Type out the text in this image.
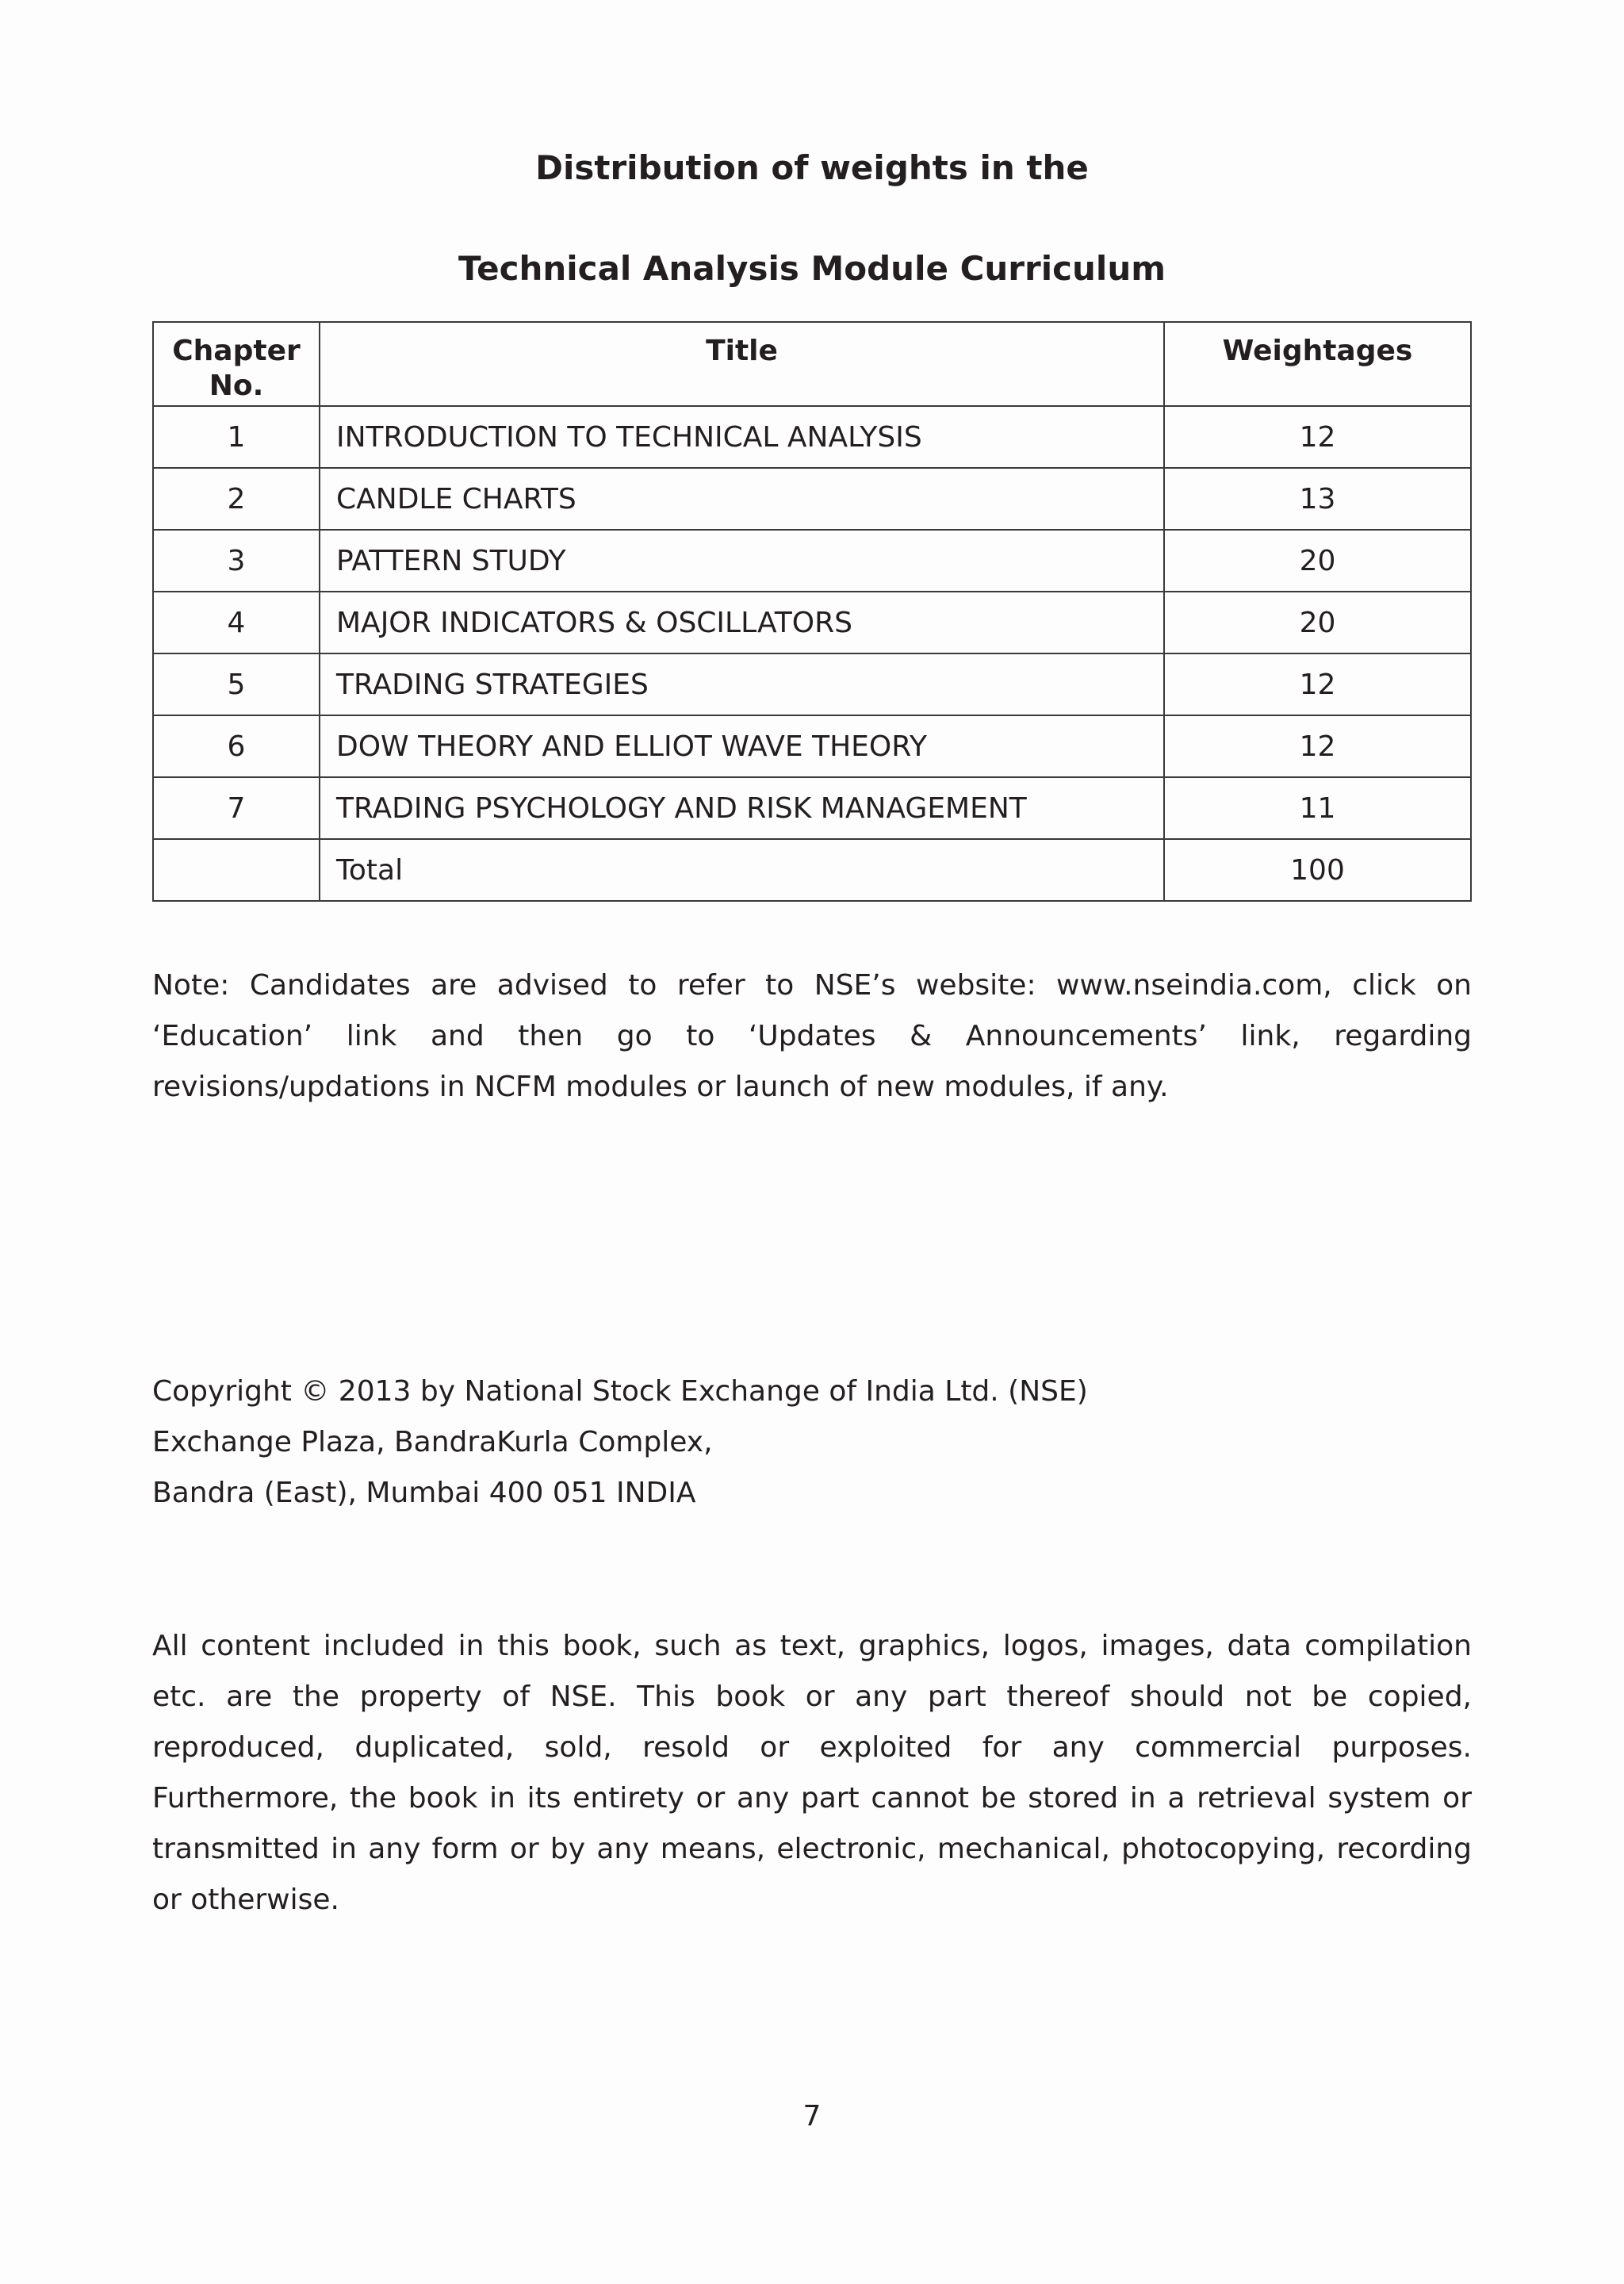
Distribution of weights in the
Technical Analysis Module Curriculum
Chapter No.	Title	Weightages
1	INTRODUCTION TO TECHNICAL ANALYSIS	12
2	CANDLE CHARTS	13
3	PATTERN STUDY	20
4	MAJOR INDICATORS & OSCILLATORS	20
5	TRADING STRATEGIES	12
6	DOW THEORY AND ELLIOT WAVE THEORY	12
7	TRADING PSYCHOLOGY AND RISK MANAGEMENT	11
	Total	100

Note: Candidates are advised to refer to NSE’s website: www.nseindia.com, click on ‘Education’ link and then go to ‘Updates & Announcements’ link, regarding revisions/updations in NCFM modules or launch of new modules, if any.

Copyright © 2013 by National Stock Exchange of India Ltd. (NSE)
Exchange Plaza, BandraKurla Complex,
Bandra (East), Mumbai 400 051 INDIA

All content included in this book, such as text, graphics, logos, images, data compilation etc. are the property of NSE. This book or any part thereof should not be copied, reproduced, duplicated, sold, resold or exploited for any commercial purposes. Furthermore, the book in its entirety or any part cannot be stored in a retrieval system or transmitted in any form or by any means, electronic, mechanical, photocopying, recording or otherwise.

7
